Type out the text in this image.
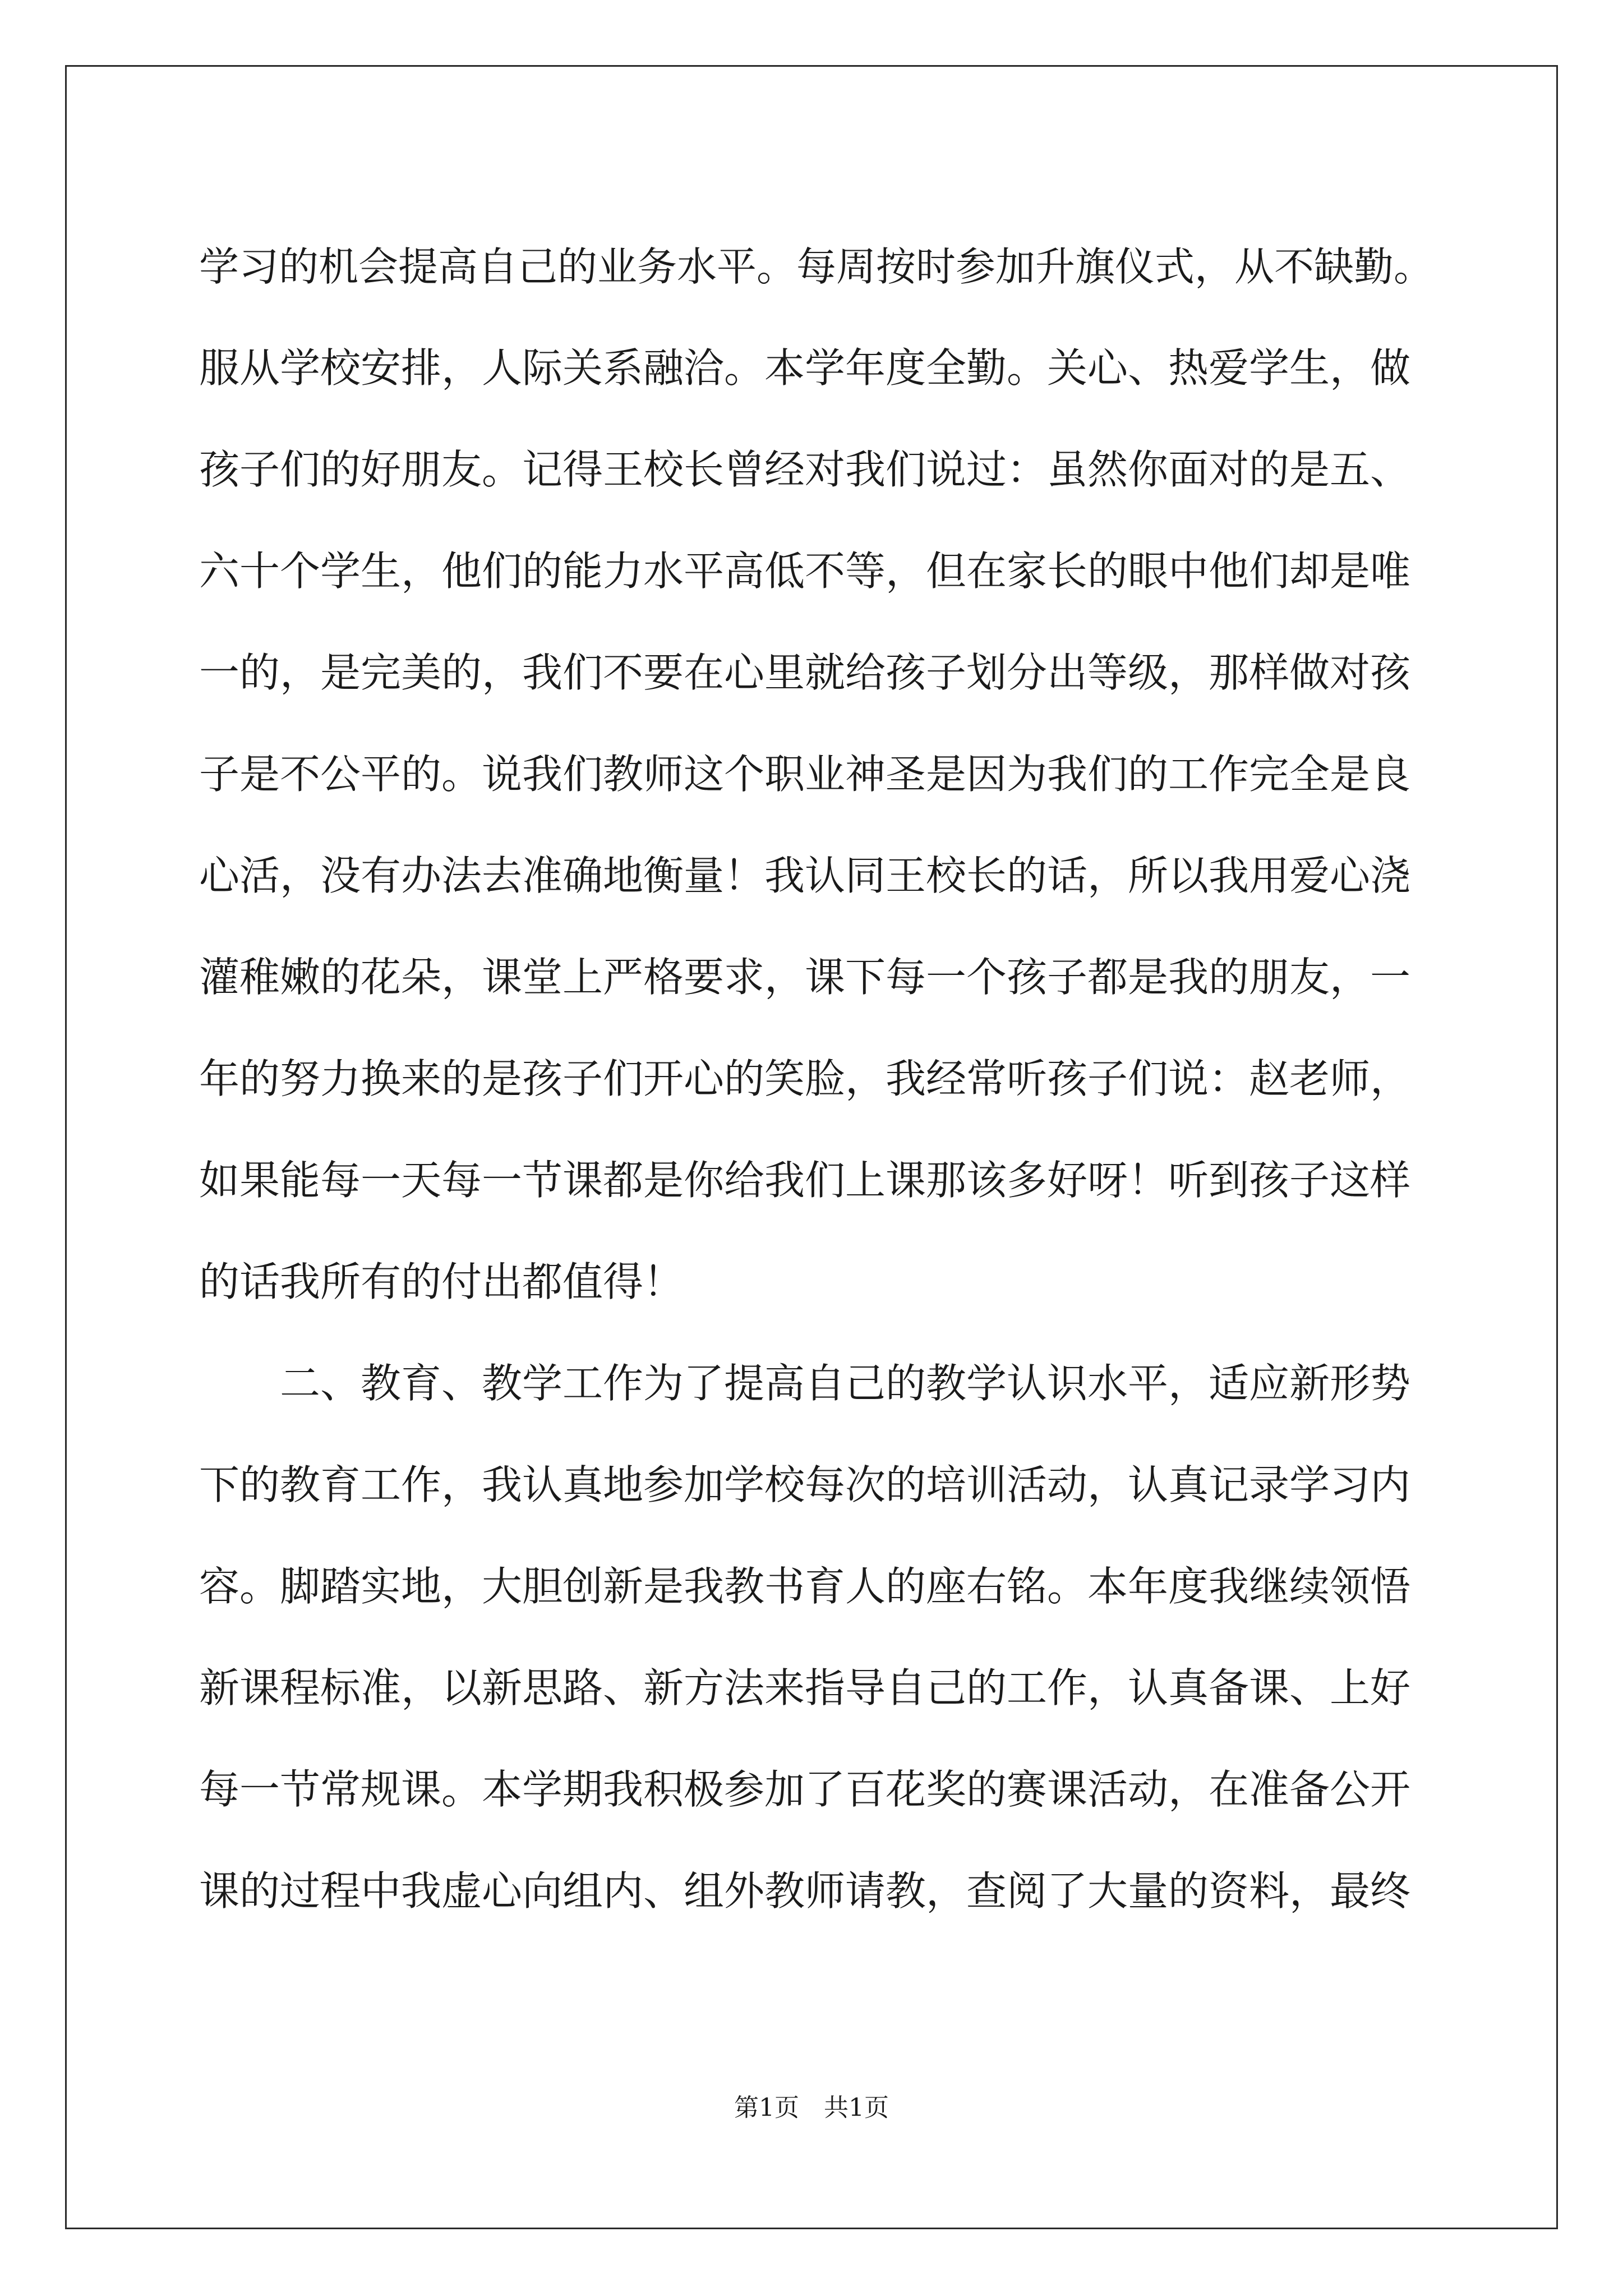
学习的机会提高自己的业务水平。每周按时参加升旗仪式，从不缺勤。
服从学校安排，人际关系融洽。本学年度全勤。关心、热爱学生，做
孩子们的好朋友。记得王校长曾经对我们说过：虽然你面对的是五、
六十个学生，他们的能力水平高低不等，但在家长的眼中他们却是唯
一的，是完美的，我们不要在心里就给孩子划分出等级，那样做对孩
子是不公平的。说我们教师这个职业神圣是因为我们的工作完全是良
心活，没有办法去准确地衡量！我认同王校长的话，所以我用爱心浇
灌稚嫩的花朵，课堂上严格要求，课下每一个孩子都是我的朋友，一
年的努力换来的是孩子们开心的笑脸，我经常听孩子们说：赵老师，
如果能每一天每一节课都是你给我们上课那该多好呀！听到孩子这样
的话我所有的付出都值得！
　　二、教育、教学工作为了提高自己的教学认识水平，适应新形势
下的教育工作，我认真地参加学校每次的培训活动，认真记录学习内
容。脚踏实地，大胆创新是我教书育人的座右铭。本年度我继续领悟
新课程标准，以新思路、新方法来指导自己的工作，认真备课、上好
每一节常规课。本学期我积极参加了百花奖的赛课活动，在准备公开
课的过程中我虚心向组内、组外教师请教，查阅了大量的资料，最终
第1页　共1页
